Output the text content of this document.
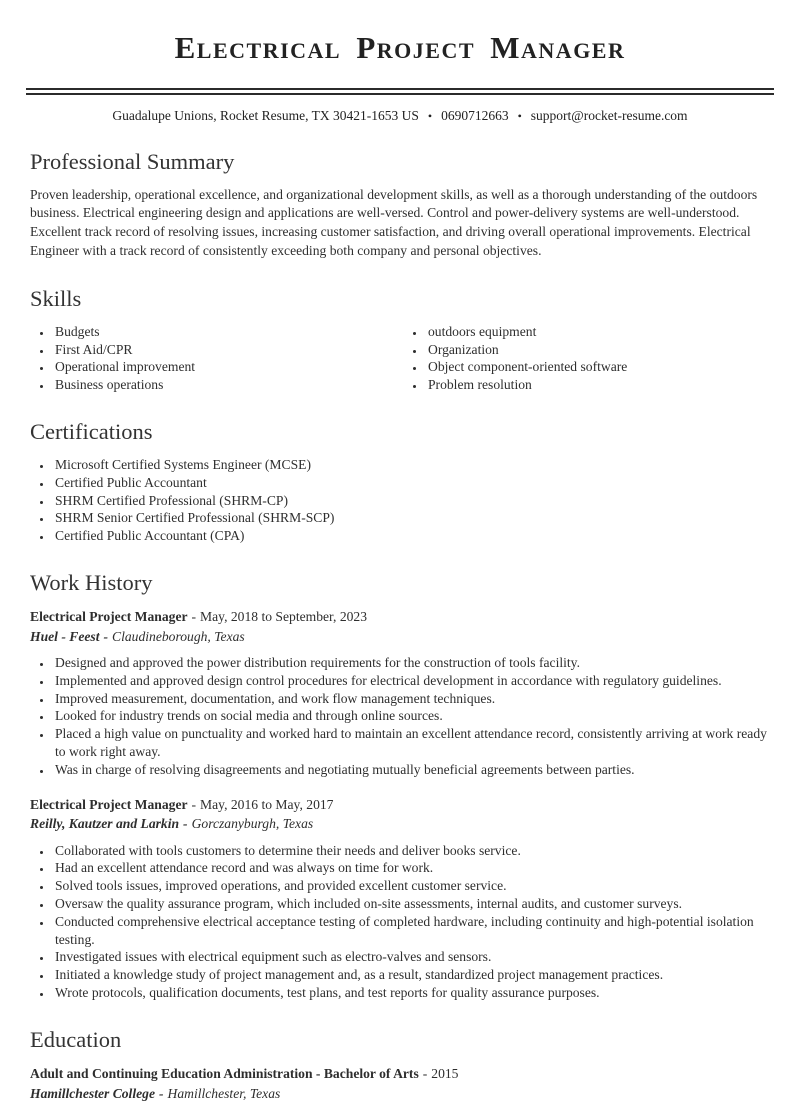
Electrical Project Manager
Guadalupe Unions, Rocket Resume, TX 30421-1653 US • 0690712663 • support@rocket-resume.com
Professional Summary

Proven leadership, operational excellence, and organizational development skills, as well as a thorough understanding of the outdoors business. Electrical engineering design and applications are well-versed. Control and power-delivery systems are well-understood. Excellent track record of resolving issues, increasing customer satisfaction, and driving overall operational improvements. Electrical Engineer with a track record of consistently exceeding both company and personal objectives.

Skills
• Budgets
• First Aid/CPR
• Operational improvement
• Business operations
• outdoors equipment
• Organization
• Object component-oriented software
• Problem resolution
Certifications
• Microsoft Certified Systems Engineer (MCSE)
• Certified Public Accountant
• SHRM Certified Professional (SHRM-CP)
• SHRM Senior Certified Professional (SHRM-SCP)
• Certified Public Accountant (CPA)
Work History

Electrical Project Manager - May, 2018 to September, 2023

Huel - Feest - Claudineborough, Texas

• Designed and approved the power distribution requirements for the construction of tools facility.
• Implemented and approved design control procedures for electrical development in accordance with regulatory guidelines.
• Improved measurement, documentation, and work flow management techniques.
• Looked for industry trends on social media and through online sources.
• Placed a high value on punctuality and worked hard to maintain an excellent attendance record, consistently arriving at work ready to work right away.
• Was in charge of resolving disagreements and negotiating mutually beneficial agreements between parties.

Electrical Project Manager - May, 2016 to May, 2017

Reilly, Kautzer and Larkin - Gorczanyburgh, Texas

• Collaborated with tools customers to determine their needs and deliver books service.
• Had an excellent attendance record and was always on time for work.
• Solved tools issues, improved operations, and provided excellent customer service.
• Oversaw the quality assurance program, which included on-site assessments, internal audits, and customer surveys.
• Conducted comprehensive electrical acceptance testing of completed hardware, including continuity and high-potential isolation testing.
• Investigated issues with electrical equipment such as electro-valves and sensors.
• Initiated a knowledge study of project management and, as a result, standardized project management practices.
• Wrote protocols, qualification documents, test plans, and test reports for quality assurance purposes.
Education

Adult and Continuing Education Administration - Bachelor of Arts - 2015

Hamillchester College - Hamillchester, Texas
